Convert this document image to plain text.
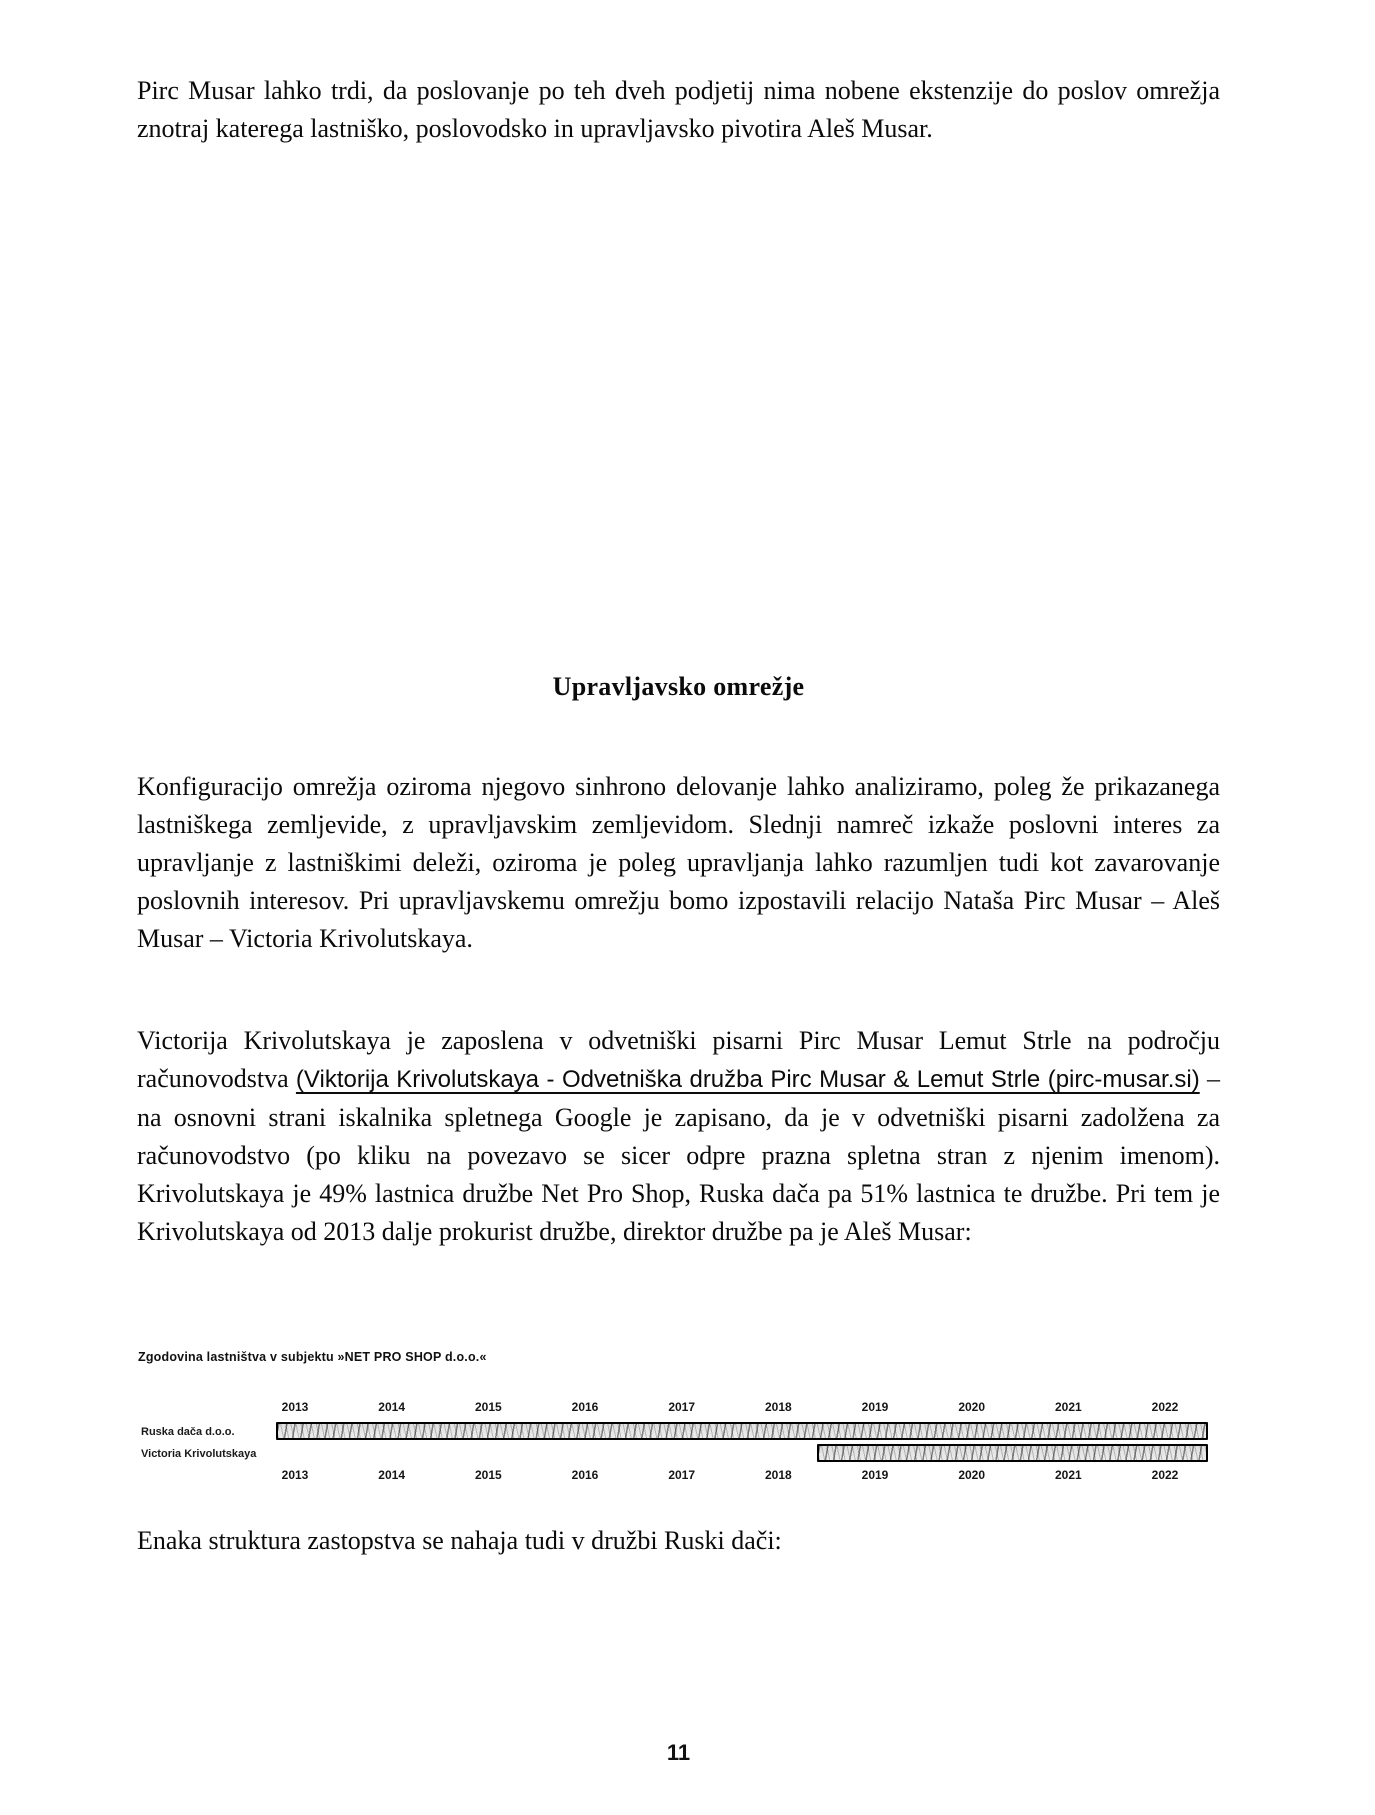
Pirc Musar lahko trdi, da poslovanje po teh dveh podjetij nima nobene ekstenzije do poslov omrežja znotraj katerega lastniško, poslovodsko in upravljavsko pivotira Aleš Musar.

Upravljavsko omrežje

Konfiguracijo omrežja oziroma njegovo sinhrono delovanje lahko analiziramo, poleg že prikazanega lastniškega zemljevide, z upravljavskim zemljevidom. Slednji namreč izkaže poslovni interes za upravljanje z lastniškimi deleži, oziroma je poleg upravljanja lahko razumljen tudi kot zavarovanje poslovnih interesov. Pri upravljavskemu omrežju bomo izpostavili relacijo Nataša Pirc Musar – Aleš Musar – Victoria Krivolutskaya.

Victorija Krivolutskaya je zaposlena v odvetniški pisarni Pirc Musar Lemut Strle na področju računovodstva (Viktorija Krivolutskaya - Odvetniška družba Pirc Musar & Lemut Strle (pirc-musar.si) – na osnovni strani iskalnika spletnega Google je zapisano, da je v odvetniški pisarni zadolžena za računovodstvo (po kliku na povezavo se sicer odpre prazna spletna stran z njenim imenom). Krivolutskaya je 49% lastnica družbe Net Pro Shop, Ruska dača pa 51% lastnica te družbe. Pri tem je Krivolutskaya od 2013 dalje prokurist družbe, direktor družbe pa je Aleš Musar:

Zgodovina lastništva v subjektu »NET PRO SHOP d.o.o.«
2013	2014	2015	2016	2017	2018	2019	2020	2021	2022
Ruska dača d.o.o.
Victoria Krivolutskaya
2013	2014	2015	2016	2017	2018	2019	2020	2021	2022

Enaka struktura zastopstva se nahaja tudi v družbi Ruski dači:

11
